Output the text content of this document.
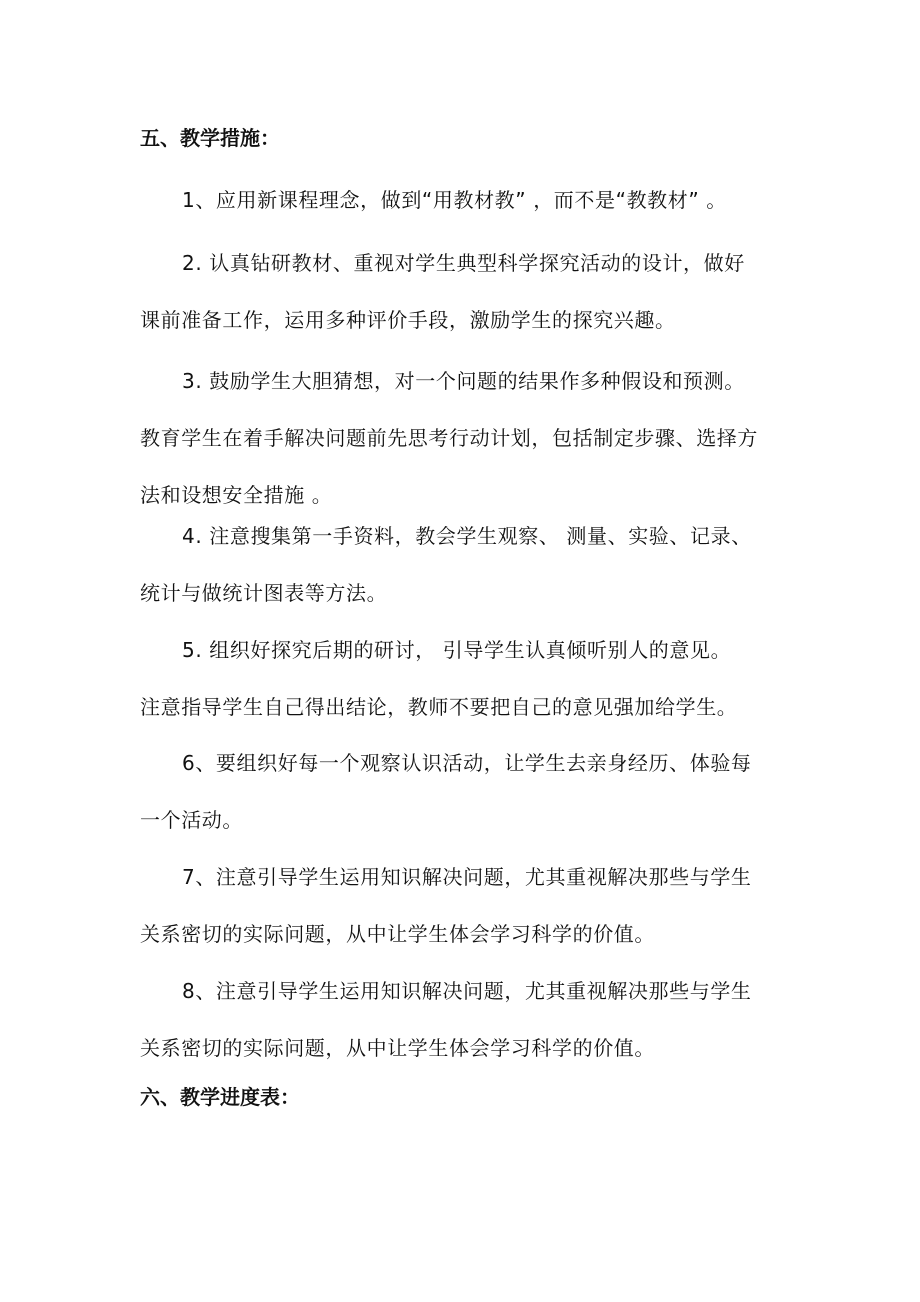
五、教学措施：
1、应用新课程理念，做到“用教材教” ，而不是“教教材” 。
2. 认真钻研教材、重视对学生典型科学探究活动的设计，做好
课前准备工作，运用多种评价手段，激励学生的探究兴趣。
3. 鼓励学生大胆猜想，对一个问题的结果作多种假设和预测。
教育学生在着手解决问题前先思考行动计划，包括制定步骤、选择方
法和设想安全措施 。
4. 注意搜集第一手资料，教会学生观察、 测量、实验、记录、
统计与做统计图表等方法。
5. 组织好探究后期的研讨， 引导学生认真倾听别人的意见。
注意指导学生自己得出结论，教师不要把自己的意见强加给学生。
6、要组织好每一个观察认识活动，让学生去亲身经历、体验每
一个活动。
7、注意引导学生运用知识解决问题，尤其重视解决那些与学生
关系密切的实际问题，从中让学生体会学习科学的价值。
8、注意引导学生运用知识解决问题，尤其重视解决那些与学生
关系密切的实际问题，从中让学生体会学习科学的价值。
六、教学进度表：
